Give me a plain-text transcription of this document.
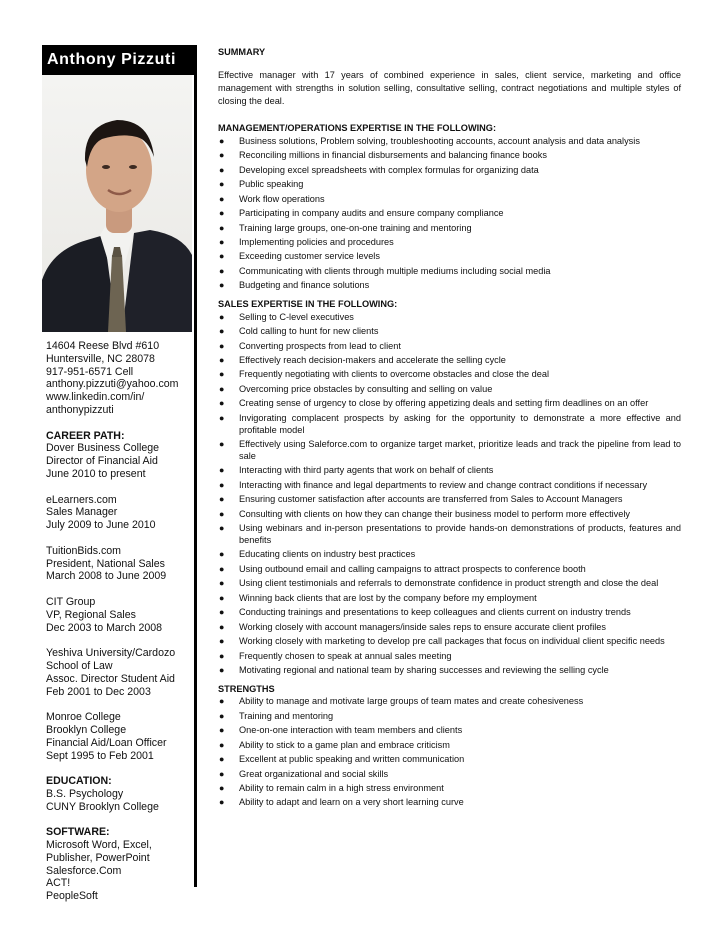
Anthony Pizzuti
14604 Reese Blvd #610
Huntersville, NC 28078
917-951-6571 Cell
anthony.pizzuti@yahoo.com
www.linkedin.com/in/
anthonypizzuti
CAREER PATH:
Dover Business College
Director of Financial Aid
June 2010 to present
eLearners.com
Sales Manager
July 2009 to June 2010
TuitionBids.com
President, National Sales
March 2008 to June 2009
CIT Group
VP, Regional Sales
Dec 2003 to March 2008
Yeshiva University/Cardozo
School of Law
Assoc. Director Student Aid
Feb 2001 to Dec 2003
Monroe College
Brooklyn College
Financial Aid/Loan Officer
Sept 1995 to Feb 2001
EDUCATION:
B.S. Psychology
CUNY Brooklyn College
SOFTWARE:
Microsoft Word, Excel,
Publisher, PowerPoint
Salesforce.Com
ACT!
PeopleSoft
SUMMARY
Effective manager with 17 years of combined experience in sales, client service, marketing and office management with strengths in solution selling, consultative selling, contract negotiations and multiple styles of closing the deal.
MANAGEMENT/OPERATIONS EXPERTISE IN THE FOLLOWING:
● Business solutions, Problem solving, troubleshooting accounts, account analysis and data analysis
● Reconciling millions in financial disbursements and balancing finance books
● Developing excel spreadsheets with complex formulas for organizing data
● Public speaking
● Work flow operations
● Participating in company audits and ensure company compliance
● Training large groups, one-on-one training and mentoring
● Implementing policies and procedures
● Exceeding customer service levels
● Communicating with clients through multiple mediums including social media
● Budgeting and finance solutions
SALES EXPERTISE IN THE FOLLOWING:
● Selling to C-level executives
● Cold calling to hunt for new clients
● Converting prospects from lead to client
● Effectively reach decision-makers and accelerate the selling cycle
● Frequently negotiating with clients to overcome obstacles and close the deal
● Overcoming price obstacles by consulting and selling on value
● Creating sense of urgency to close by offering appetizing deals and setting firm deadlines on an offer
● Invigorating complacent prospects by asking for the opportunity to demonstrate a more effective and profitable model
● Effectively using Saleforce.com to organize target market, prioritize leads and track the pipeline from lead to sale
● Interacting with third party agents that work on behalf of clients
● Interacting with finance and legal departments to review and change contract conditions if necessary
● Ensuring customer satisfaction after accounts are transferred from Sales to Account Managers
● Consulting with clients on how they can change their business model to perform more effectively
● Using webinars and in-person presentations to provide hands-on demonstrations of products, features and benefits
● Educating clients on industry best practices
● Using outbound email and calling campaigns to attract prospects to conference booth
● Using client testimonials and referrals to demonstrate confidence in product strength and close the deal
● Winning back clients that are lost by the company before my employment
● Conducting trainings and presentations to keep colleagues and clients current on industry trends
● Working closely with account managers/inside sales reps to ensure accurate client profiles
● Working closely with marketing to develop pre call packages that focus on individual client specific needs
● Frequently chosen to speak at annual sales meeting
● Motivating regional and national team by sharing successes and reviewing the selling cycle
STRENGTHS
● Ability to manage and motivate large groups of team mates and create cohesiveness
● Training and mentoring
● One-on-one interaction with team members and clients
● Ability to stick to a game plan and embrace criticism
● Excellent at public speaking and written communication
● Great organizational and social skills
● Ability to remain calm in a high stress environment
● Ability to adapt and learn on a very short learning curve
